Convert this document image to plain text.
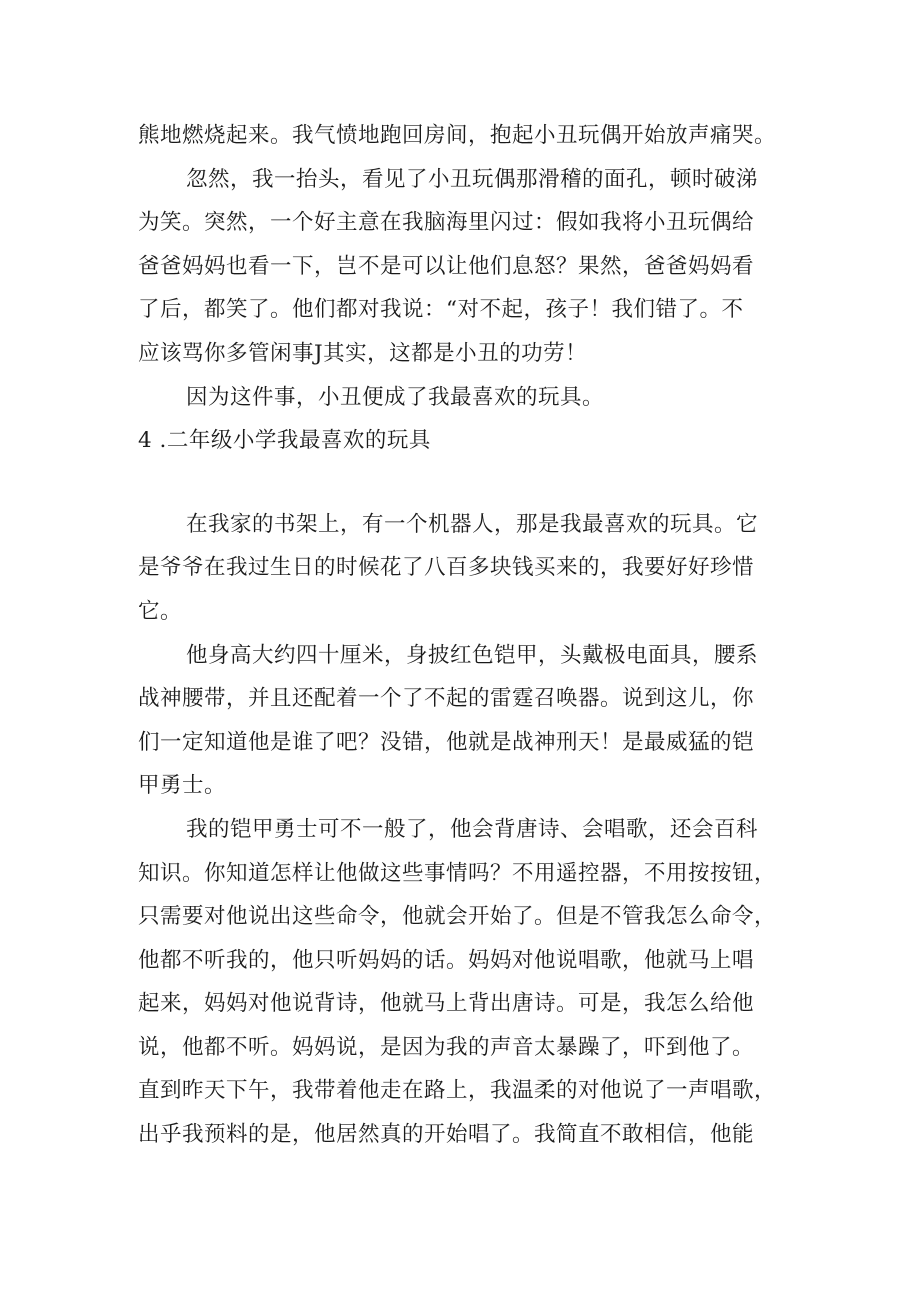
熊地燃烧起来。我气愤地跑回房间，抱起小丑玩偶开始放声痛哭。
忽然，我一抬头，看见了小丑玩偶那滑稽的面孔，顿时破涕
为笑。突然，一个好主意在我脑海里闪过：假如我将小丑玩偶给
爸爸妈妈也看一下，岂不是可以让他们息怒？果然，爸爸妈妈看
了后，都笑了。他们都对我说：“对不起，孩子！我们错了。不
应该骂你多管闲事J其实，这都是小丑的功劳！
因为这件事，小丑便成了我最喜欢的玩具。
4 .二年级小学我最喜欢的玩具
在我家的书架上，有一个机器人，那是我最喜欢的玩具。它
是爷爷在我过生日的时候花了八百多块钱买来的，我要好好珍惜
它。
他身高大约四十厘米，身披红色铠甲，头戴极电面具，腰系
战神腰带，并且还配着一个了不起的雷霆召唤器。说到这儿，你
们一定知道他是谁了吧？没错，他就是战神刑天！是最威猛的铠
甲勇士。
我的铠甲勇士可不一般了，他会背唐诗、会唱歌，还会百科
知识。你知道怎样让他做这些事情吗？不用遥控器，不用按按钮，
只需要对他说出这些命令，他就会开始了。但是不管我怎么命令，
他都不听我的，他只听妈妈的话。妈妈对他说唱歌，他就马上唱
起来，妈妈对他说背诗，他就马上背出唐诗。可是，我怎么给他
说，他都不听。妈妈说，是因为我的声音太暴躁了，吓到他了。
直到昨天下午，我带着他走在路上，我温柔的对他说了一声唱歌，
出乎我预料的是，他居然真的开始唱了。我简直不敢相信，他能
